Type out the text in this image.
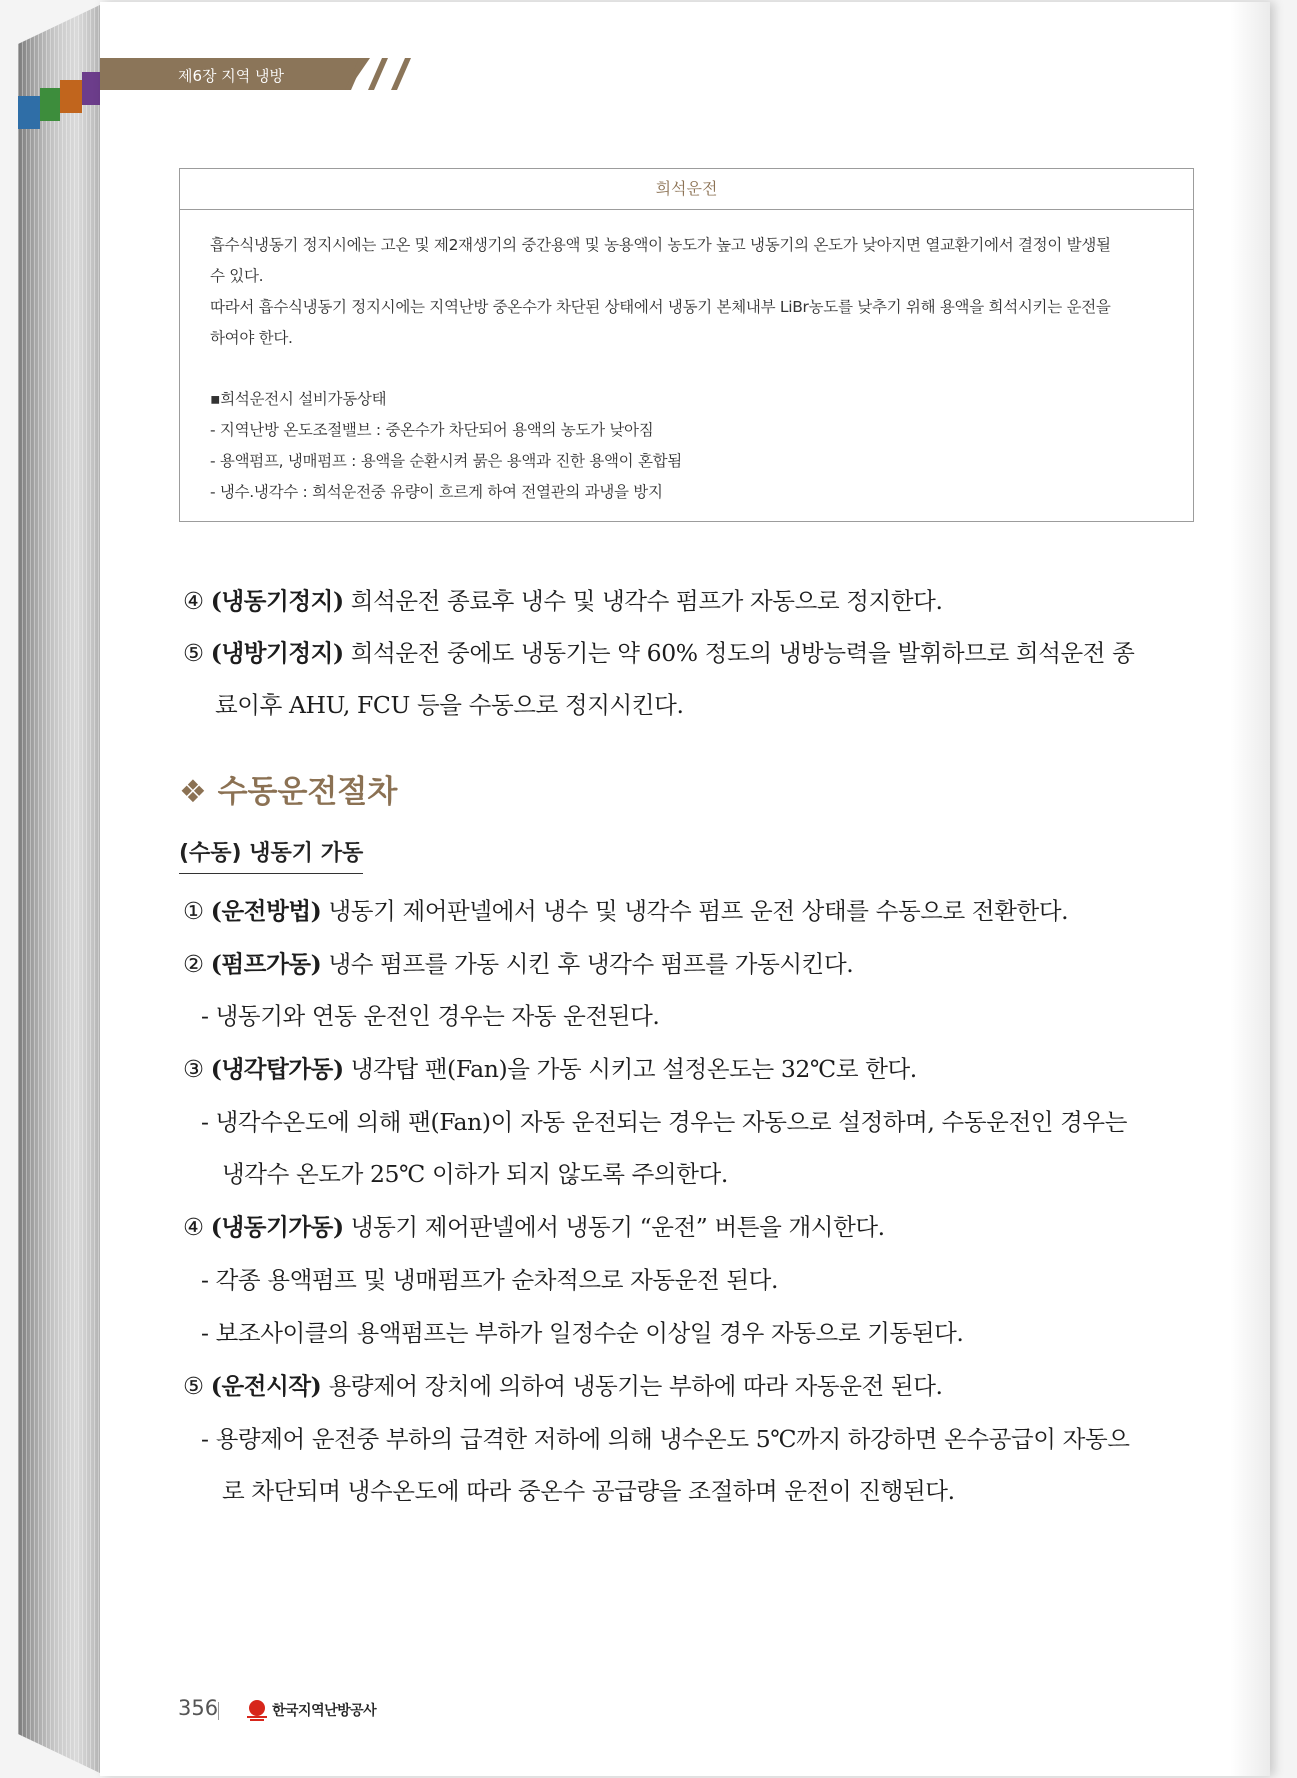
제6장 지역 냉방
희석운전

흡수식냉동기 정지시에는 고온 및 제2재생기의 중간용액 및 농용액이 농도가 높고 냉동기의 온도가 낮아지면 열교환기에서 결정이 발생될

수 있다.

따라서 흡수식냉동기 정지시에는 지역난방 중온수가 차단된 상태에서 냉동기 본체내부 LiBr농도를 낮추기 위해 용액을 희석시키는 운전을

하여야 한다.

▪희석운전시 설비가동상태

- 지역난방 온도조절밸브 : 중온수가 차단되어 용액의 농도가 낮아짐

- 용액펌프, 냉매펌프 : 용액을 순환시켜 묽은 용액과 진한 용액이 혼합됨

- 냉수.냉각수 : 희석운전중 유량이 흐르게 하여 전열관의 과냉을 방지

④ (냉동기정지) 희석운전 종료후 냉수 및 냉각수 펌프가 자동으로 정지한다.
⑤ (냉방기정지) 희석운전 중에도 냉동기는 약 60% 정도의 냉방능력을 발휘하므로 희석운전 종
료이후 AHU, FCU 등을 수동으로 정지시킨다.
❖ 수동운전절차
(수동) 냉동기 가동
① (운전방법) 냉동기 제어판넬에서 냉수 및 냉각수 펌프 운전 상태를 수동으로 전환한다.
② (펌프가동) 냉수 펌프를 가동 시킨 후 냉각수 펌프를 가동시킨다.
- 냉동기와 연동 운전인 경우는 자동 운전된다.
③ (냉각탑가동) 냉각탑 팬(Fan)을 가동 시키고 설정온도는 32℃로 한다.
- 냉각수온도에 의해 팬(Fan)이 자동 운전되는 경우는 자동으로 설정하며, 수동운전인 경우는
냉각수 온도가 25℃ 이하가 되지 않도록 주의한다.
④ (냉동기가동) 냉동기 제어판넬에서 냉동기 “운전” 버튼을 개시한다.
- 각종 용액펌프 및 냉매펌프가 순차적으로 자동운전 된다.
- 보조사이클의 용액펌프는 부하가 일정수순 이상일 경우 자동으로 기동된다.
⑤ (운전시작) 용량제어 장치에 의하여 냉동기는 부하에 따라 자동운전 된다.
- 용량제어 운전중 부하의 급격한 저하에 의해 냉수온도 5℃까지 하강하면 온수공급이 자동으
로 차단되며 냉수온도에 따라 중온수 공급량을 조절하며 운전이 진행된다.
356	한국지역난방공사
